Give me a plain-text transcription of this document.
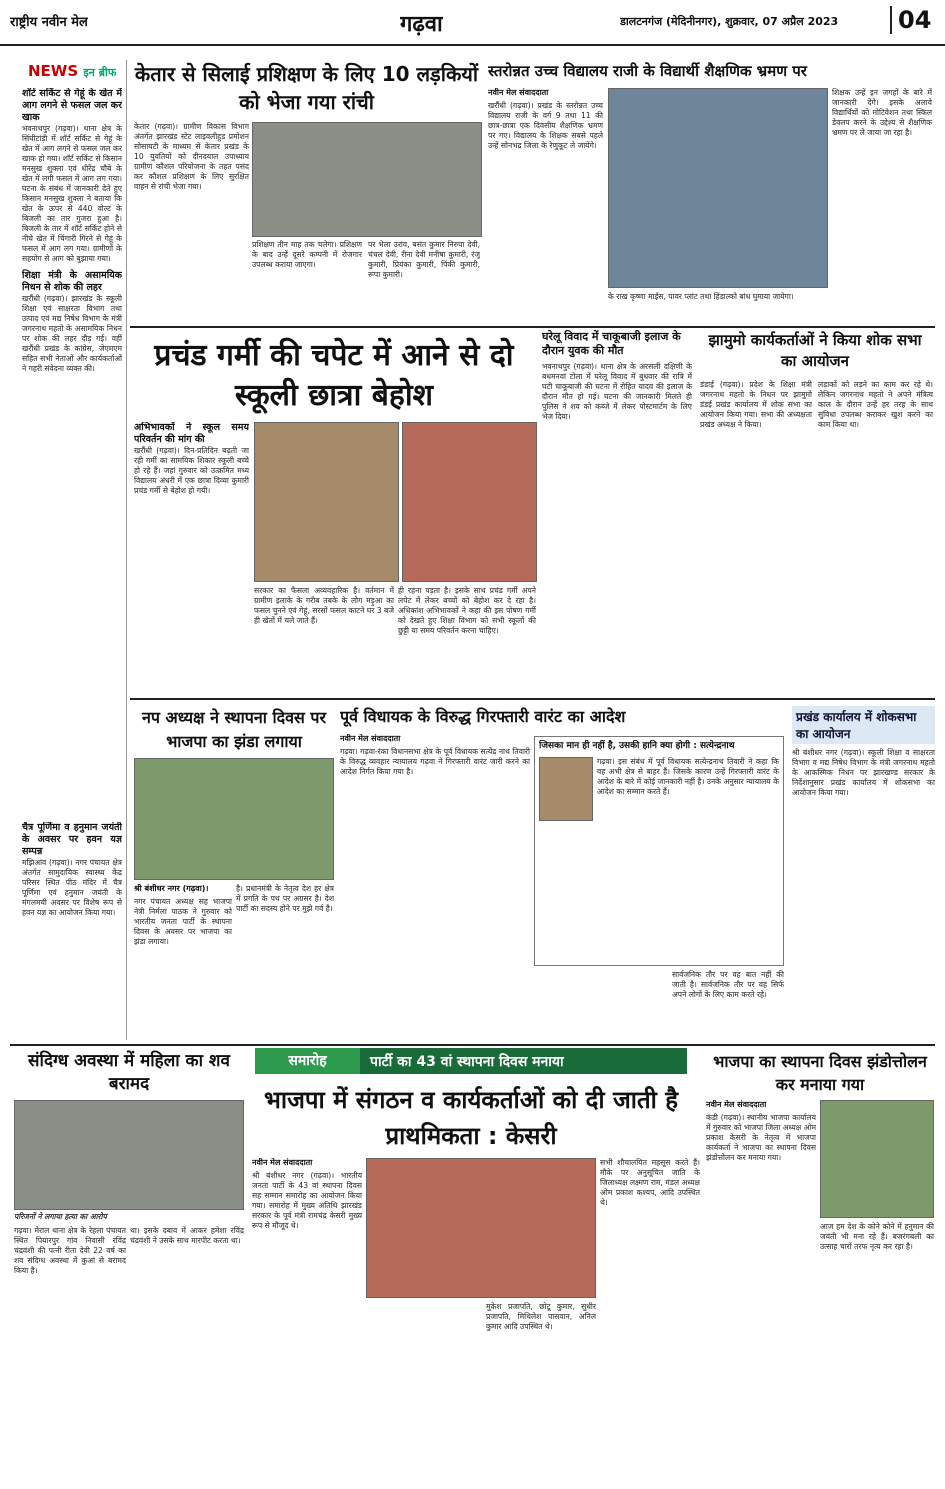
राष्ट्रीय नवीन मेल	गढ़वा	डालटनगंज (मेदिनीनगर), शुक्रवार, 07 अप्रैल 2023	04
NEWS इन ब्रीफ
शॉर्ट सर्किट से गेहूं के खेत में आग लगने से फसल जल कर खाक

भवनाथपुर (गढ़वा)। थाना क्षेत्र के सिंघीटांड़ी में शॉर्ट सर्किट से गेहूं के खेत में आग लगने से फसल जल कर खाक हो गया। शॉर्ट सर्किट से किसान मनसुख शुक्ला एवं धीरेंद्र चौबे के खेत में लगी फसल में आग लग गया। घटना के संबंध में जानकारी देते हुए किसान मनसुख शुक्ला ने बताया कि खेत के ऊपर से 440 वोल्ट के बिजली का तार गुजरा हुआ है। बिजली के तार में शॉर्ट सर्किट होने से नीचे खेत में चिंगारी गिरने से गेहूं के फसल में आग लग गया। ग्रामीणों के सहयोग से आग को बुझाया गया।

शिक्षा मंत्री के असामयिक निधन से शोक की लहर

खरौंधी (गढ़वा)। झारखंड के स्कूली शिक्षा एवं साक्षरता विभाग तथा उत्पाद एवं मद्य निषेध विभाग के मंत्री जगरनाथ महतो के असामयिक निधन पर शोक की लहर दौड़ गई। वहीं खरौंधी प्रखंड के कांग्रेस, जेएमएम सहित सभी नेताओं और कार्यकर्ताओं ने गहरी संवेदना व्यक्त की।

चैत्र पूर्णिमा व हनुमान जयंती के अवसर पर हवन यज्ञ सम्पन्न

मझिआंव (गढ़वा)। नगर पंचायत क्षेत्र अंतर्गत सामुदायिक स्वास्थ्य केंद्र परिसर स्थित पीठ मंदिर में चैत्र पूर्णिमा एवं हनुमान जयंती के मंगलमयी अवसर पर विशेष रूप से हवन यज्ञ का आयोजन किया गया।

केतार से सिलाई प्रशिक्षण के लिए 10 लड़कियों को भेजा गया रांची
केतार (गढ़वा)। ग्रामीण विकास विभाग अंतर्गत झारखंड स्टेट लाइवलीहुड प्रमोशन सोसायटी के माध्यम से केतार प्रखंड के 10 युवतियों को दीनदयाल उपाध्याय ग्रामीण कौशल परियोजना के तहत पसंद कर कौशल प्रशिक्षण के लिए सुरक्षित वाहन से रांची भेजा गया।
प्रशिक्षण तीन माह तक चलेगा। प्रशिक्षण के बाद उन्हें दूसरे कम्पनी में रोजगार उपलब्ध कराया जाएगा।
पर भेला उरांव, बसंत कुमार निरुपा देवी, चंचल देवी, रीना देवी मनीषा कुमारी, रंजू कुमारी, प्रियंका कुमारी, पिंकी कुमारी, रूपा कुमारी।
स्तरोन्नत उच्च विद्यालय राजी के विद्यार्थी शैक्षणिक भ्रमण पर
नवीन मेल संवाददाता

खरौंधी (गढ़वा)। प्रखंड के स्तरोन्नत उच्च विद्यालय राजी के वर्ग 9 तथा 11 की छात्र-छात्रा एक दिवसीय शैक्षणिक भ्रमण पर गए। विद्यालय के शिक्षक सबसे पहले उन्हें सोनभद्र जिला के रेणुकूट ले जायेंगे।

के राख कृष्णा माईंस, पावर प्लांट तथा हिंडाल्को बांध घुमाया जायेगा।
शिक्षक उन्हें इन जगहों के बारे में जानकारी देंगे। इसके अलावे विद्यार्थियों को मोटिवेशन तथा स्किल डेवलप करने के उद्देश्य से शैक्षणिक भ्रमण पर ले जाया जा रहा है।
प्रचंड गर्मी की चपेट में आने से दो स्कूली छात्रा बेहोश
अभिभावकों ने स्कूल समय परिवर्तन की मांग की

खरौंधी (गढ़वा)। दिन-प्रतिदिन बढ़ती जा रही गर्मी का सामयिक शिकार स्कूली बच्चे हो रहे हैं। जहां गुरुवार को उत्क्रमित मध्य विद्यालय अंधरी में एक छात्रा दिव्या कुमारी प्रचंड गर्मी से बेहोश हो गयी।

सरकार का फैसला अव्यवहारिक है। वर्तमान में ग्रामीण इलाके के गरीब तबके के लोग मड़ुआ का फसल चुनने एवं गेहूं, सरसों फसल काटने घर 3 बजे ही खेतों में चले जाते हैं।
ही रहना पड़ता है। इसके साथ प्रचंड गर्मी अपने लपेट में लेकर बच्चों को बेहोश कर दे रहा है। अधिकांश अभिभावकों ने कहा की इस पोषण गर्मी को देखते हुए शिक्षा विभाग को सभी स्कूलों की छुट्टी या समय परिवर्तन करना चाहिए।
घरेलू विवाद में चाकूबाजी इलाज के दौरान युवक की मौत
भवनाथपुर (गढ़वा)। थाना क्षेत्र के अरसली दक्षिणी के बधमनवां टोला में घरेलू विवाद में बुधवार की रात्रि में घटी चाकूबाजी की घटना में रोहित यादव की इलाज के दौरान मौत हो गई। घटना की जानकारी मिलते ही पुलिस ने शव को कब्जे में लेकर पोस्टमार्टम के लिए भेज दिया।
झामुमो कार्यकर्ताओं ने किया शोक सभा का आयोजन
डंडाई (गढ़वा)। प्रदेश के शिक्षा मंत्री जगरनाथ महतो के निधन पर झामुमो डंडई प्रखंड कार्यालय में शोक सभा का आयोजन किया गया। सभा की अध्यक्षता प्रखंड अध्यक्ष ने किया।
लड़ाकों को लड़ने का काम कर रहे थे। लेकिन जगरनाथ महतो ने अपने मंत्रित्व काल के दौरान उन्हें हर तरह के साथ सुविधा उपलब्ध कराकर खुश करने का काम किया था।
नप अध्यक्ष ने स्थापना दिवस पर भाजपा का झंडा लगाया
श्री बंशीधर नगर (गढ़वा)।

नगर पंचायत अध्यक्ष सह भाजपा नेत्री निर्मला पाठक ने गुरुवार को भारतीय जनता पार्टी के स्थापना दिवस के अवसर पर भाजपा का झंडा लगाया।

है। प्रधानमंत्री के नेतृत्व देश हर क्षेत्र में प्रगति के पथ पर अग्रसर है। देश पार्टी का सदस्य होने पर मुझे गर्व है।
पूर्व विधायक के विरुद्ध गिरफ्तारी वारंट का आदेश
नवीन मेल संवाददाता

गढ़वा। गढ़वा-रंका विधानसभा क्षेत्र के पूर्व विधायक सत्येंद्र नाथ तिवारी के विरुद्ध व्यवहार न्यायालय गढ़वा ने गिरफ्तारी वारंट जारी करने का आदेश निर्गत किया गया है।

सार्वजनिक तौर पर वह बात नहीं की जाती है। सार्वजनिक तौर पर वह सिर्फ अपने लोगों के लिए काम करते रहे।
जिसका मान ही नहीं है, उसकी हानि क्या होगी : सत्येन्द्रनाथ
गढ़वा। इस संबंध में पूर्व विधायक सत्येन्द्रनाथ तिवारी ने कहा कि वह अभी क्षेत्र से बाहर हैं। जिसके कारण उन्हें गिरफ्तारी वारंट के आदेश के बारे में कोई जानकारी नहीं है। उनके अनुसार न्यायालय के आदेश का सम्मान करते हैं।
प्रखंड कार्यालय में शोकसभा का आयोजन
श्री बंशीधर नगर (गढ़वा)। स्कूली शिक्षा व साक्षरता विभाग व मद्य निषेध विभाग के मंत्री जगरनाथ महतो के आकस्मिक निधन पर झारखण्ड सरकार के निर्देशानुसार प्रखंड कार्यालय में शोकसभा का आयोजन किया गया।
संदिग्ध अवस्था में महिला का शव बरामद
परिजनों ने लगाया हत्या का आरोप
गढ़वा। मेराल थाना क्षेत्र के रेहला पंचायत स्थित पियारपुर गांव निवासी रविंद्र चंद्रवंशी की पत्नी रीता देवी 22 वर्ष का शव संदिग्ध अवस्था में कुआं से बरामद किया है।
था। इसके दबाव में आकर हमेशा रविंद्र चंद्रवंशी ने उसके साथ मारपीट करता था।
समारोह	पार्टी का 43 वां स्थापना दिवस मनाया
भाजपा में संगठन व कार्यकर्ताओं को दी जाती है प्राथमिकता : केसरी
नवीन मेल संवाददाता

श्री बंशीधर नगर (गढ़वा)। भारतीय जनता पार्टी के 43 वां स्थापना दिवस सह सम्मान समारोह का आयोजन किया गया। समारोह में मुख्य अतिथि झारखंड सरकार के पूर्व मंत्री रामचंद्र केसरी मुख्य रूप से मौजूद थे।

सभी शौचालयित महसूस करते हैं। मौके पर अनुसूचित जाति के जिलाध्यक्ष लक्ष्मण राम, मंडल अध्यक्ष ओम प्रकाश कश्यप, आदि उपस्थित थे।
मुकेश प्रजापति, छोटू कुमार, सुधीर प्रजापति, मिथिलेश पासवान, अनिल कुमार आदि उपस्थित थे।
भाजपा का स्थापना दिवस झंडोत्तोलन कर मनाया गया
नवीन मेल संवाददाता

कंडी (गढ़वा)। स्थानीय भाजपा कार्यालय में गुरुवार को भाजपा जिला अध्यक्ष ओम प्रकाश केसरी के नेतृत्व में भाजपा कार्यकर्ता ने भाजपा का स्थापना दिवस झंडोत्तोलन कर मनाया गया।

आज हम देश के कोने कोने में हनुमान की जयंती भी मना रहे हैं। बजरंगबली का उत्साह चारों तरफ नृत्य कर रहा है।
